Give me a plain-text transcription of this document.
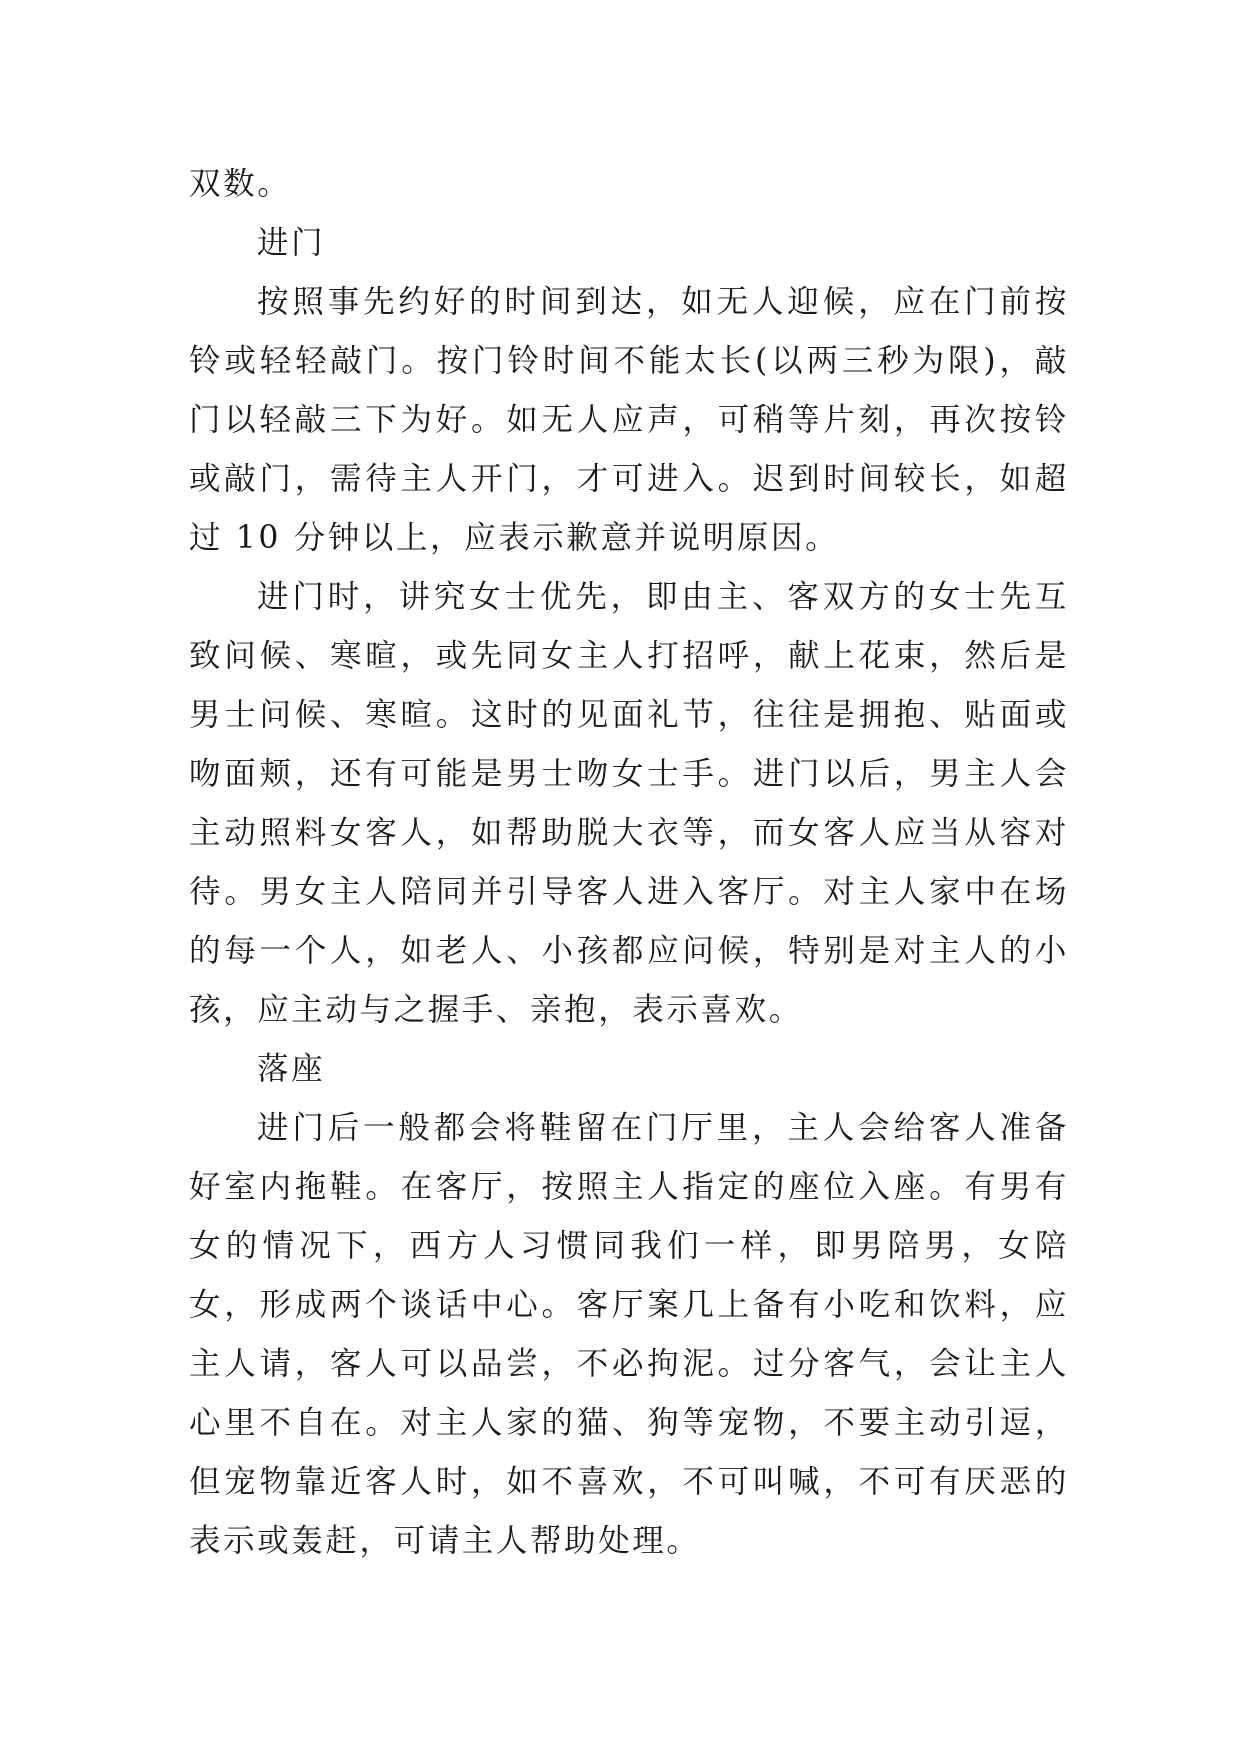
双数。

进门

按照事先约好的时间到达，如无人迎候，应在门前按铃或轻轻敲门。按门铃时间不能太长(以两三秒为限)，敲门以轻敲三下为好。如无人应声，可稍等片刻，再次按铃或敲门，需待主人开门，才可进入。迟到时间较长，如超过 10 分钟以上，应表示歉意并说明原因。

进门时，讲究女士优先，即由主、客双方的女士先互致问候、寒暄，或先同女主人打招呼，献上花束，然后是男士问候、寒暄。这时的见面礼节，往往是拥抱、贴面或吻面颊，还有可能是男士吻女士手。进门以后，男主人会主动照料女客人，如帮助脱大衣等，而女客人应当从容对待。男女主人陪同并引导客人进入客厅。对主人家中在场的每一个人，如老人、小孩都应问候，特别是对主人的小孩，应主动与之握手、亲抱，表示喜欢。

落座

进门后一般都会将鞋留在门厅里，主人会给客人准备好室内拖鞋。在客厅，按照主人指定的座位入座。有男有女的情况下，西方人习惯同我们一样，即男陪男，女陪女，形成两个谈话中心。客厅案几上备有小吃和饮料，应主人请，客人可以品尝，不必拘泥。过分客气，会让主人心里不自在。对主人家的猫、狗等宠物，不要主动引逗，但宠物靠近客人时，如不喜欢，不可叫喊，不可有厌恶的表示或轰赶，可请主人帮助处理。
